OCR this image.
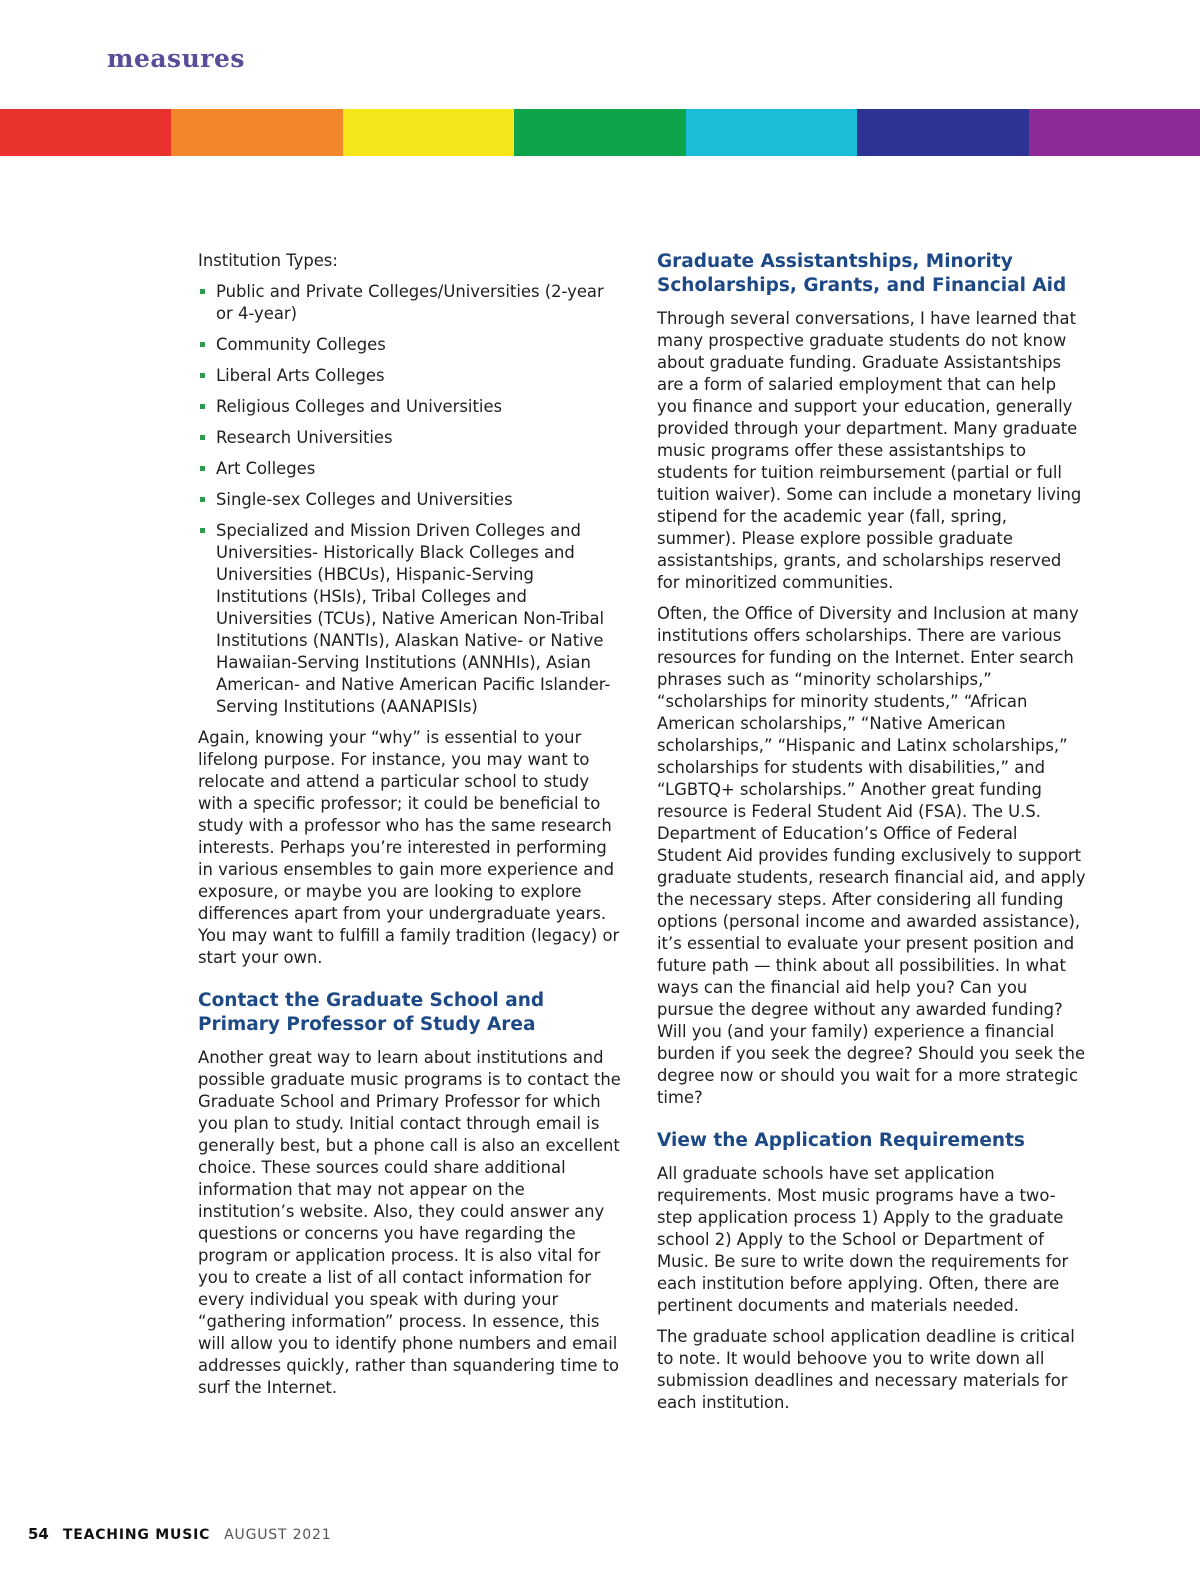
measures

Institution Types:

Public and Private Colleges/Universities (2-year or 4-year)
Community Colleges
Liberal Arts Colleges
Religious Colleges and Universities
Research Universities
Art Colleges
Single-sex Colleges and Universities
Specialized and Mission Driven Colleges and Universities- Historically Black Colleges and Universities (HBCUs), Hispanic-Serving Institutions (HSIs), Tribal Colleges and Universities (TCUs), Native American Non-Tribal Institutions (NANTIs), Alaskan Native- or Native Hawaiian-Serving Institutions (ANNHIs), Asian American- and Native American Pacific Islander-Serving Institutions (AANAPISIs)

Again, knowing your “why” is essential to your lifelong purpose. For instance, you may want to relocate and attend a particular school to study with a specific professor; it could be beneficial to study with a professor who has the same research interests. Perhaps you’re interested in performing in various ensembles to gain more experience and exposure, or maybe you are looking to explore differences apart from your undergraduate years. You may want to fulfill a family tradition (legacy) or start your own.

Contact the Graduate School and Primary Professor of Study Area

Another great way to learn about institutions and possible graduate music programs is to contact the Graduate School and Primary Professor for which you plan to study. Initial contact through email is generally best, but a phone call is also an excellent choice. These sources could share additional information that may not appear on the institution’s website. Also, they could answer any questions or concerns you have regarding the program or application process. It is also vital for you to create a list of all contact information for every individual you speak with during your “gathering information” process. In essence, this will allow you to identify phone numbers and email addresses quickly, rather than squandering time to surf the Internet.

Graduate Assistantships, Minority Scholarships, Grants, and Financial Aid

Through several conversations, I have learned that many prospective graduate students do not know about graduate funding. Graduate Assistantships are a form of salaried employment that can help you finance and support your education, generally provided through your department. Many graduate music programs offer these assistantships to students for tuition reimbursement (partial or full tuition waiver). Some can include a monetary living stipend for the academic year (fall, spring, summer). Please explore possible graduate assistantships, grants, and scholarships reserved for minoritized communities.

Often, the Office of Diversity and Inclusion at many institutions offers scholarships. There are various resources for funding on the Internet. Enter search phrases such as “minority scholarships,” “scholarships for minority students,” “African American scholarships,” “Native American scholarships,” “Hispanic and Latinx scholarships,” scholarships for students with disabilities,” and “LGBTQ+ scholarships.” Another great funding resource is Federal Student Aid (FSA). The U.S. Department of Education’s Office of Federal Student Aid provides funding exclusively to support graduate students, research financial aid, and apply the necessary steps. After considering all funding options (personal income and awarded assistance), it’s essential to evaluate your present position and future path — think about all possibilities. In what ways can the financial aid help you? Can you pursue the degree without any awarded funding? Will you (and your family) experience a financial burden if you seek the degree? Should you seek the degree now or should you wait for a more strategic time?

View the Application Requirements

All graduate schools have set application requirements. Most music programs have a two-step application process 1) Apply to the graduate school 2) Apply to the School or Department of Music. Be sure to write down the requirements for each institution before applying. Often, there are pertinent documents and materials needed.

The graduate school application deadline is critical to note. It would behoove you to write down all submission deadlines and necessary materials for each institution.

54 TEACHING MUSIC AUGUST 2021
